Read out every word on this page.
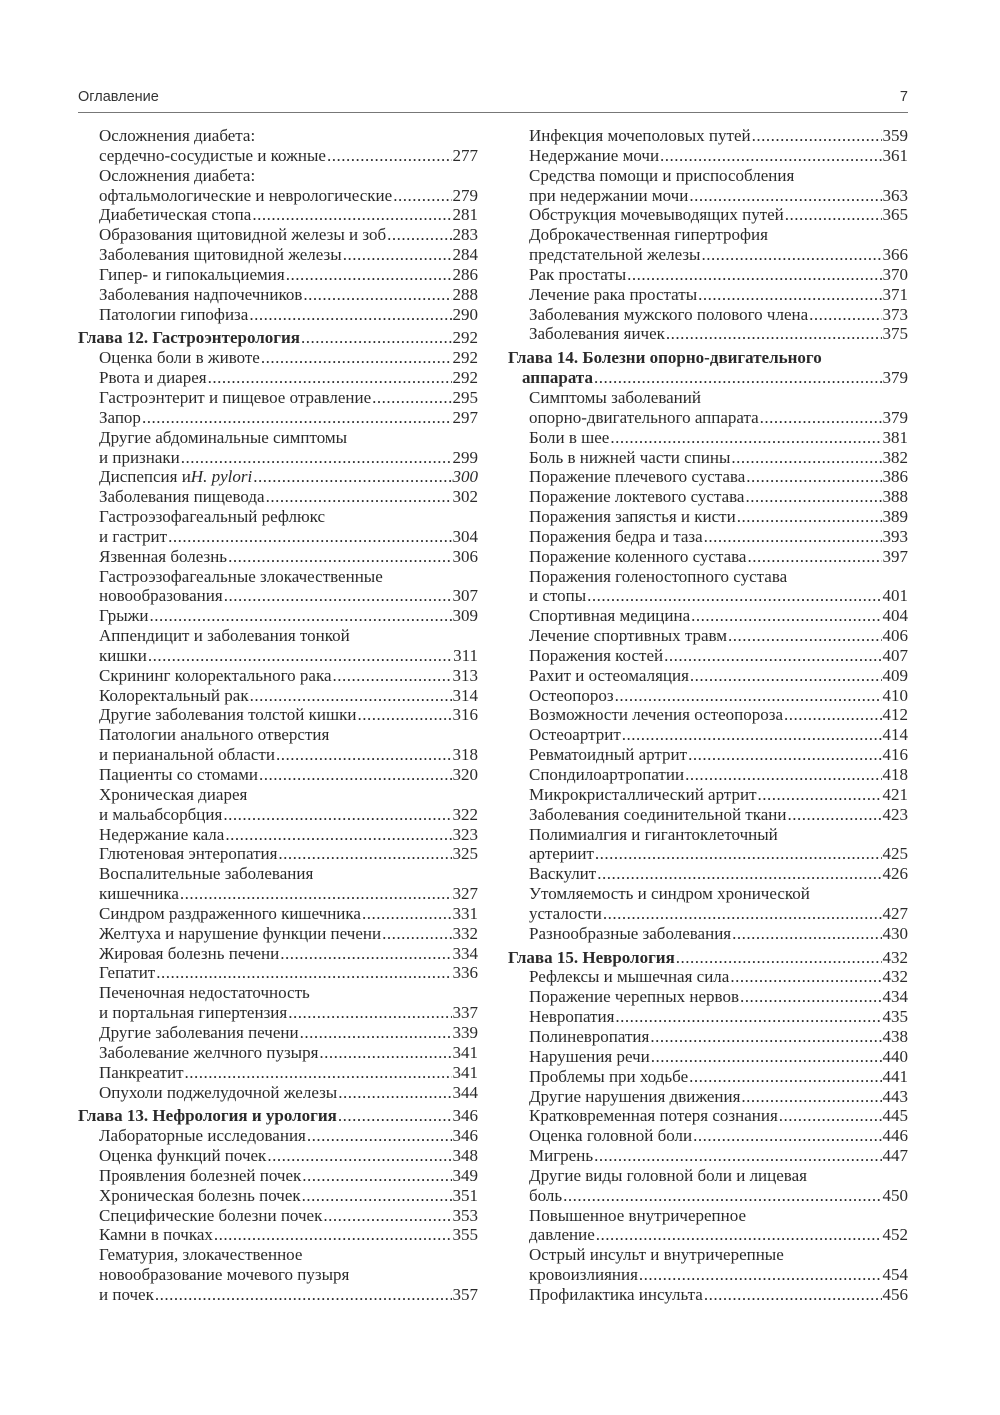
Оглавление	7
Осложнения диабета:
сердечно-сосудистые и кожные .....	277
Осложнения диабета:
офтальмологические и неврологические .....	279
Диабетическая стопа .....	281
Образования щитовидной железы и зоб .....	283
Заболевания щитовидной железы .....	284
Гипер- и гипокальциемия .....	286
Заболевания надпочечников .....	288
Патологии гипофиза .....	290
Глава 12. Гастроэнтерология .....	292
Оценка боли в животе .....	292
Рвота и диарея .....	292
Гастроэнтерит и пищевое отравление .....	295
Запор .....	297
Другие абдоминальные симптомы
и признаки .....	299
Диспепсия и H. pylori .....	300
Заболевания пищевода .....	302
Гастроэзофагеальный рефлюкс
и гастрит .....	304
Язвенная болезнь .....	306
Гастроэзофагеальные злокачественные
новообразования .....	307
Грыжи .....	309
Аппендицит и заболевания тонкой
кишки .....	311
Скрининг колоректального рака .....	313
Колоректальный рак .....	314
Другие заболевания толстой кишки .....	316
Патологии анального отверстия
и перианальной области .....	318
Пациенты со стомами .....	320
Хроническая диарея
и мальабсорбция .....	322
Недержание кала .....	323
Глютеновая энтеропатия .....	325
Воспалительные заболевания
кишечника .....	327
Синдром раздраженного кишечника .....	331
Желтуха и нарушение функции печени .....	332
Жировая болезнь печени .....	334
Гепатит .....	336
Печеночная недостаточность
и портальная гипертензия .....	337
Другие заболевания печени .....	339
Заболевание желчного пузыря .....	341
Панкреатит .....	341
Опухоли поджелудочной железы .....	344
Глава 13. Нефрология и урология .....	346
Лабораторные исследования .....	346
Оценка функций почек .....	348
Проявления болезней почек .....	349
Хроническая болезнь почек .....	351
Специфические болезни почек .....	353
Камни в почках .....	355
Гематурия, злокачественное
новообразование мочевого пузыря
и почек .....	357
Инфекция мочеполовых путей .....	359
Недержание мочи .....	361
Средства помощи и приспособления
при недержании мочи .....	363
Обструкция мочевыводящих путей .....	365
Доброкачественная гипертрофия
предстательной железы .....	366
Рак простаты .....	370
Лечение рака простаты .....	371
Заболевания мужского полового члена .....	373
Заболевания яичек .....	375
Глава 14. Болезни опорно-двигательного
аппарата .....	379
Симптомы заболеваний
опорно-двигательного аппарата .....	379
Боли в шее .....	381
Боль в нижней части спины .....	382
Поражение плечевого сустава .....	386
Поражение локтевого сустава .....	388
Поражения запястья и кисти .....	389
Поражения бедра и таза .....	393
Поражение коленного сустава .....	397
Поражения голеностопного сустава
и стопы .....	401
Спортивная медицина .....	404
Лечение спортивных травм .....	406
Поражения костей .....	407
Рахит и остеомаляция .....	409
Остеопороз .....	410
Возможности лечения остеопороза .....	412
Остеоартрит .....	414
Ревматоидный артрит .....	416
Спондилоартропатии .....	418
Микрокристаллический артрит .....	421
Заболевания соединительной ткани .....	423
Полимиалгия и гигантоклеточный
артериит .....	425
Васкулит .....	426
Утомляемость и синдром хронической
усталости .....	427
Разнообразные заболевания .....	430
Глава 15. Неврология .....	432
Рефлексы и мышечная сила .....	432
Поражение черепных нервов .....	434
Невропатия .....	435
Полиневропатия .....	438
Нарушения речи .....	440
Проблемы при ходьбе .....	441
Другие нарушения движения .....	443
Кратковременная потеря сознания .....	445
Оценка головной боли .....	446
Мигрень .....	447
Другие виды головной боли и лицевая
боль .....	450
Повышенное внутричерепное
давление .....	452
Острый инсульт и внутричерепные
кровоизлияния .....	454
Профилактика инсульта .....	456
